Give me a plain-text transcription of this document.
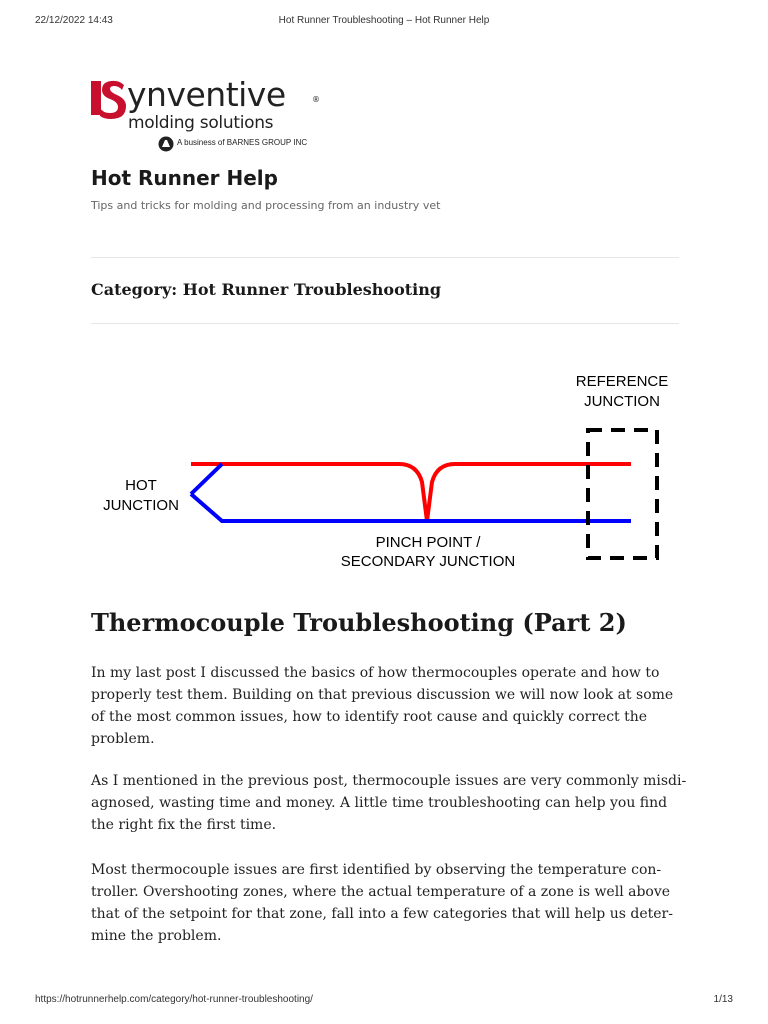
22/12/2022 14:43	Hot Runner Troubleshooting – Hot Runner Help
ynventive	®
molding solutions
A business of BARNES GROUP INC
Hot Runner Help
Tips and tricks for molding and processing from an industry vet
Category: Hot Runner Troubleshooting
REFERENCE
JUNCTION
HOT
JUNCTION
PINCH POINT /
SECONDARY JUNCTION
Thermocouple Troubleshooting (Part 2)

In my last post I discussed the basics of how thermocouples operate and how to
properly test them. Building on that previous discussion we will now look at some
of the most common issues, how to identify root cause and quickly correct the
problem.

As I mentioned in the previous post, thermocouple issues are very commonly misdi-
agnosed, wasting time and money. A little time troubleshooting can help you find
the right fix the first time.

Most thermocouple issues are first identified by observing the temperature con-
troller. Overshooting zones, where the actual temperature of a zone is well above
that of the setpoint for that zone, fall into a few categories that will help us deter-
mine the problem.

https://hotrunnerhelp.com/category/hot-runner-troubleshooting/	1/13
